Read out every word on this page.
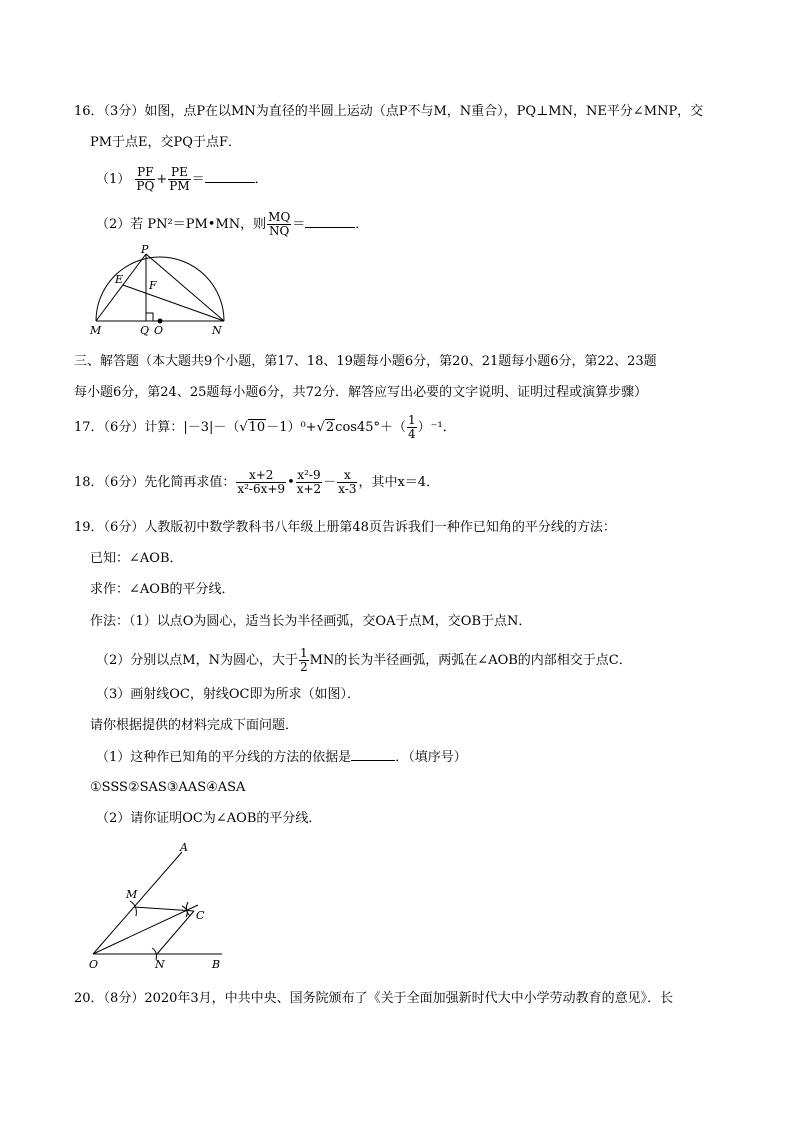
16．（3分）如图，点P在以MN为直径的半圆上运动（点P不与M，N重合），PQ⊥MN，NE平分∠MNP，交
PM于点E，交PQ于点F．
$(1) \frac{PF}{PQ} + \frac{PE}{PM}$ ＝	．
（2）若 PN²＝PM•MN，则 $\frac{MQ}{NQ}$ ＝	．
P
E F
M	Q O	N
三、解答题（本大题共9个小题，第17、18、19题每小题6分，第20、21题每小题6分，第22、23题
每小题6分，第24、25题每小题6分，共72分．解答应写出必要的文字说明、证明过程或演算步骤）
17．（6分）计算：$|-3|-(√10-1)^0+√2\cos 45^\circ+( \frac{1}{4} )^{-1}$．
18．（6分）先化简再求值： $\frac{x+2}{\text{x²-6x+9}}$ • $\frac{\text{x²-9}}{x+2} - \frac{x}{x-3}$ ，其中x＝4．
19．（6分）人教版初中数学教科书八年级上册第48页告诉我们一种作已知角的平分线的方法：
已知：∠AOB．
求作：∠AOB的平分线．
作法：（1）以点O为圆心，适当长为半径画弧，交OA于点M，交OB于点N．
（2）分别以点M，N为圆心，大于 $\frac{1}{2}$ MN的长为半径画弧，两弧在∠AOB的内部相交于点C．
（3）画射线OC，射线OC即为所求（如图）．
请你根据提供的材料完成下面问题．
（1）这种作已知角的平分线的方法的依据是	．（填序号）
①SSS②SAS③AAS④ASA
（2）请你证明OC为∠AOB的平分线．
A
M
C
O	N	B
20．（8分）2020年3月，中共中央、国务院颁布了《关于全面加强新时代大中小学劳动教育的意见》．长
